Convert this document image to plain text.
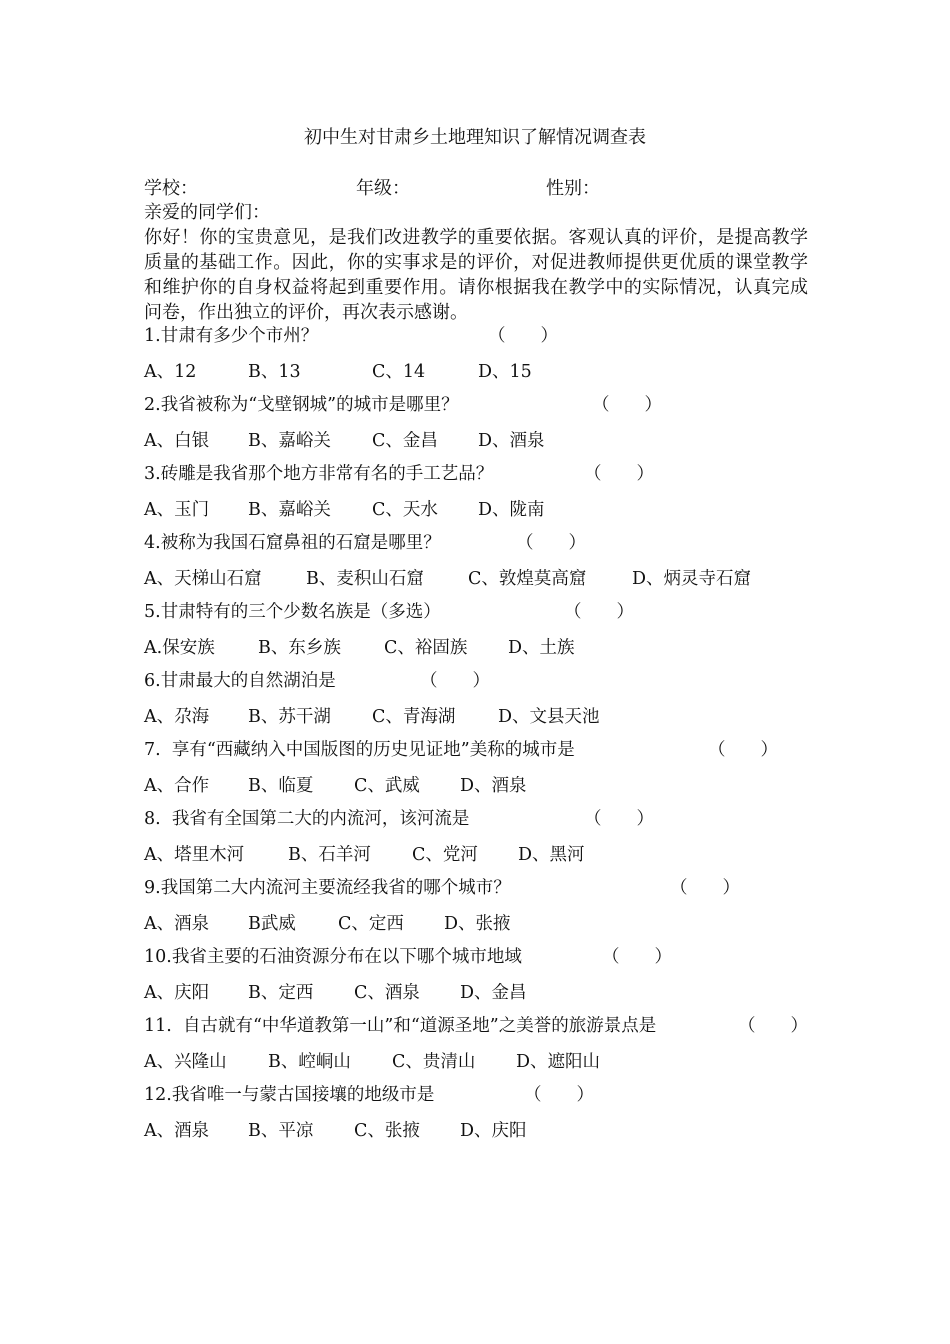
初中生对甘肃乡土地理知识了解情况调查表
学校：	年级：	性别：
亲爱的同学们：
你好！你的宝贵意见，是我们改进教学的重要依据。客观认真的评价，是提高教学质量的基础工作。因此，你的实事求是的评价，对促进教师提供更优质的课堂教学和维护你的自身权益将起到重要作用。请你根据我在教学中的实际情况，认真完成问卷，作出独立的评价，再次表示感谢。
1.甘肃有多少个市州？	（　　）
A、12	B、13	C、14	D、15
2.我省被称为“戈壁钢城”的城市是哪里？	（　　）
A、白银 B、嘉峪关 C、金昌 D、酒泉
3.砖雕是我省那个地方非常有名的手工艺品？	（　　）
A、玉门 B、嘉峪关 C、天水 D、陇南
4.被称为我国石窟鼻祖的石窟是哪里？	（　　）
A、天梯山石窟	B、麦积山石窟	C、敦煌莫高窟	D、炳灵寺石窟
5.甘肃特有的三个少数名族是（多选）	（　　）
A.保安族 B、东乡族 C、裕固族 D、土族
6.甘肃最大的自然湖泊是	（　　）
A、尕海 B、苏干湖 C、青海湖 D、文县天池
7.  享有“西藏纳入中国版图的历史见证地”美称的城市是	（　　）
A、合作 B、临夏 C、武威 D、酒泉
8.  我省有全国第二大的内流河，该河流是	（　　）
A、塔里木河	B、石羊河 C、党河 D、黑河
9.我国第二大内流河主要流经我省的哪个城市？	（　　）
A、酒泉 B武威 C、定西 D、张掖
10.我省主要的石油资源分布在以下哪个城市地域	（　　）
A、庆阳 B、定西 C、酒泉 D、金昌
11.  自古就有“中华道教第一山”和“道源圣地”之美誉的旅游景点是	（　　）
A、兴隆山 B、崆峒山 C、贵清山 D、遮阳山
12.我省唯一与蒙古国接壤的地级市是	（　　）
A、酒泉 B、平凉 C、张掖 D、庆阳
